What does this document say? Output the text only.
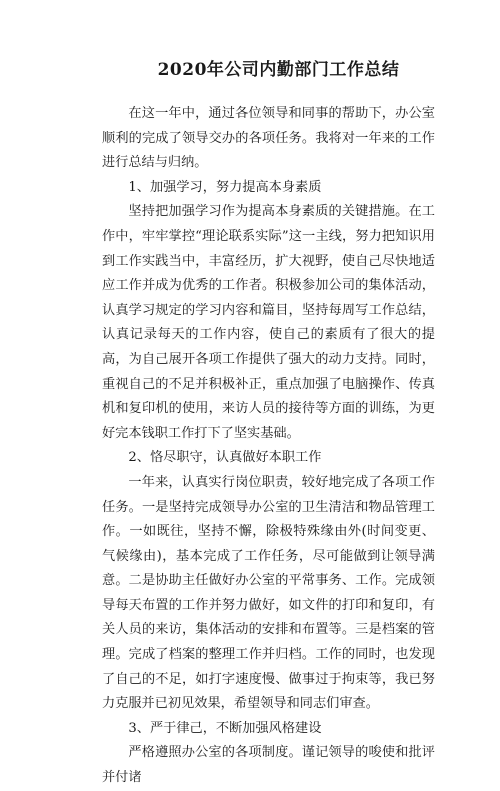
2020年公司内勤部门工作总结

在这一年中，通过各位领导和同事的帮助下，办公室顺利的完成了领导交办的各项任务。我将对一年来的工作进行总结与归纳。

1、加强学习，努力提高本身素质

坚持把加强学习作为提高本身素质的关键措施。在工作中，牢牢掌控“理论联系实际”这一主线，努力把知识用到工作实践当中，丰富经历，扩大视野，使自己尽快地适应工作并成为优秀的工作者。积极参加公司的集体活动，认真学习规定的学习内容和篇目，坚持每周写工作总结，认真记录每天的工作内容，使自己的素质有了很大的提高，为自己展开各项工作提供了强大的动力支持。同时，重视自己的不足并积极补正，重点加强了电脑操作、传真机和复印机的使用，来访人员的接待等方面的训练，为更好完本钱职工作打下了坚实基础。

2、恪尽职守，认真做好本职工作

一年来，认真实行岗位职责，较好地完成了各项工作任务。一是坚持完成领导办公室的卫生清洁和物品管理工作。一如既往，坚持不懈，除极特殊缘由外(时间变更、气候缘由)，基本完成了工作任务，尽可能做到让领导满意。二是协助主任做好办公室的平常事务、工作。完成领导每天布置的工作并努力做好，如文件的打印和复印，有关人员的来访，集体活动的安排和布置等。三是档案的管理。完成了档案的整理工作并归档。工作的同时，也发现了自己的不足，如打字速度慢、做事过于拘束等，我已努力克服并已初见效果，希望领导和同志们审查。

3、严于律己，不断加强风格建设

严格遵照办公室的各项制度。谨记领导的唆使和批评并付诸
